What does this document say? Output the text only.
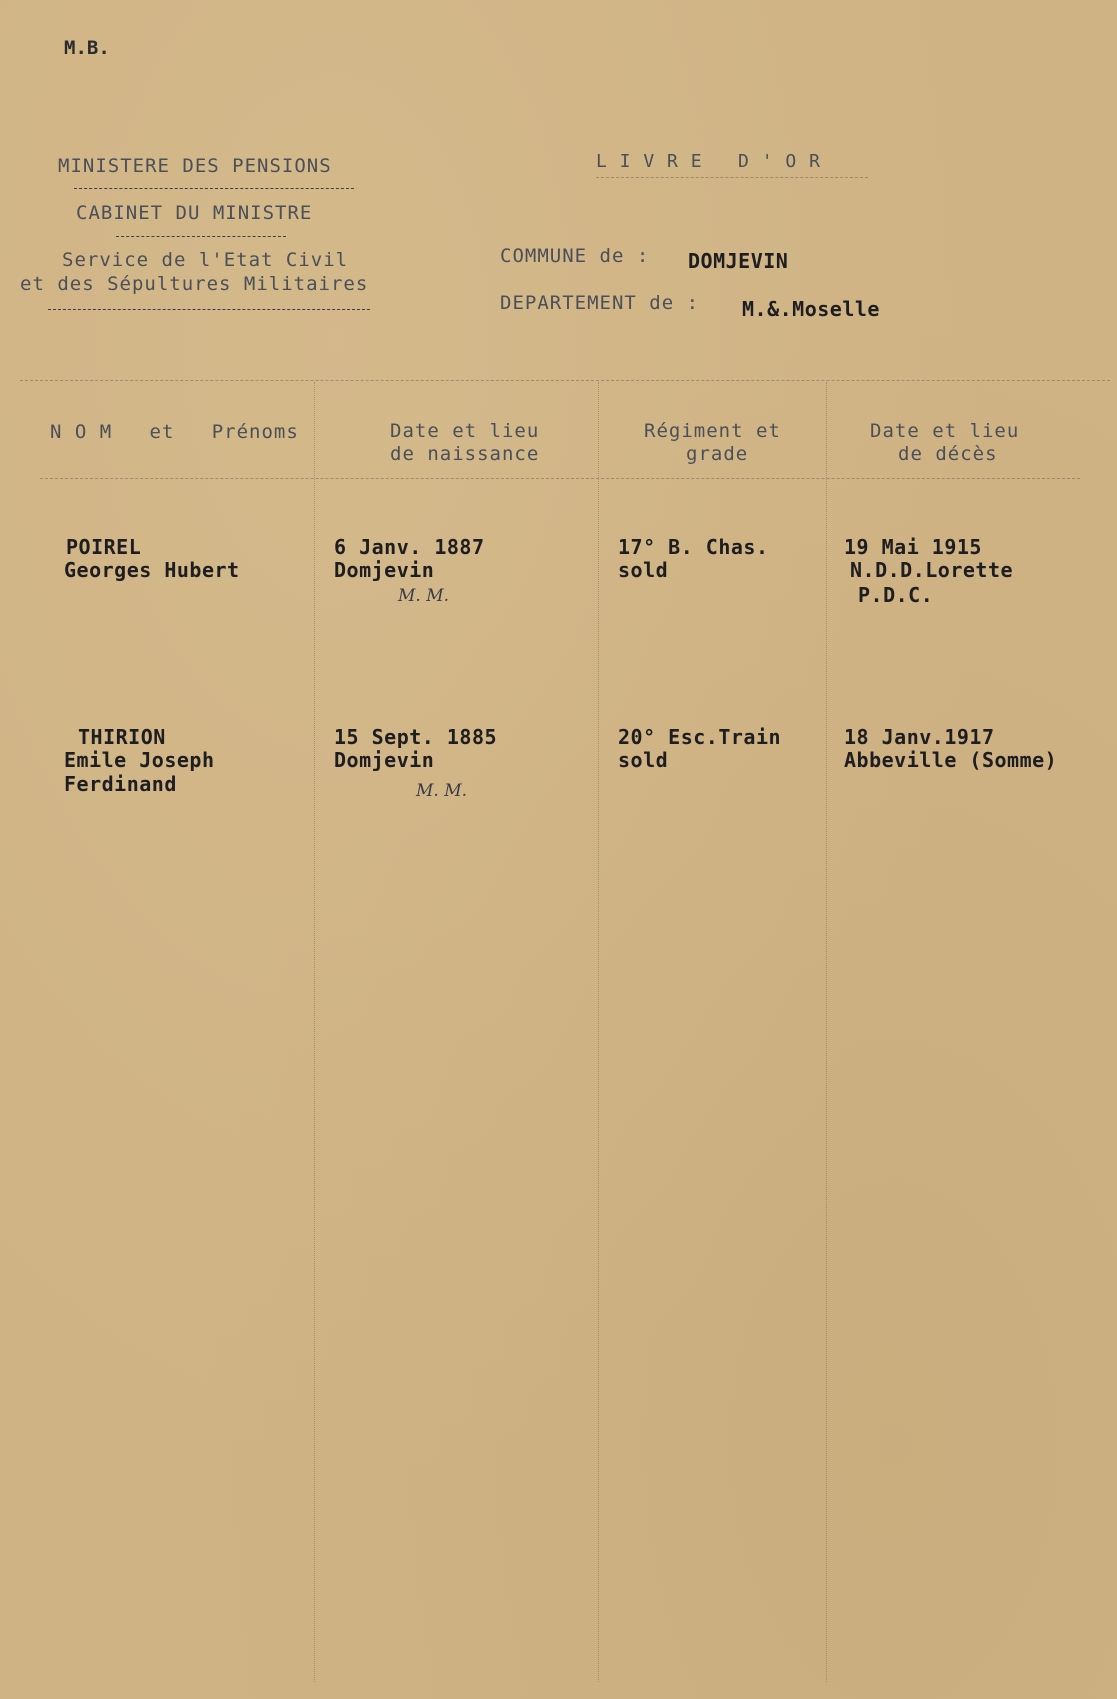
M.B.
MINISTERE DES PENSIONS
CABINET DU MINISTRE
Service de l'Etat Civil
et des Sépultures Militaires
L I V R E   D ' O R
COMMUNE de : DOMJEVIN
DEPARTEMENT de : M.&.Moselle
N O M   et   Prénoms	Date et lieu
de naissance
Régiment et
grade
Date et lieu
de décès
POIREL
Georges Hubert
6 Janv. 1887
Domjevin
M. M.
17° B. Chas.
sold
19 Mai 1915
N.D.D.Lorette
P.D.C.
THIRION
Emile Joseph
Ferdinand
15 Sept. 1885
Domjevin
M. M.
20° Esc.Train
sold
18 Janv.1917
Abbeville (Somme)
